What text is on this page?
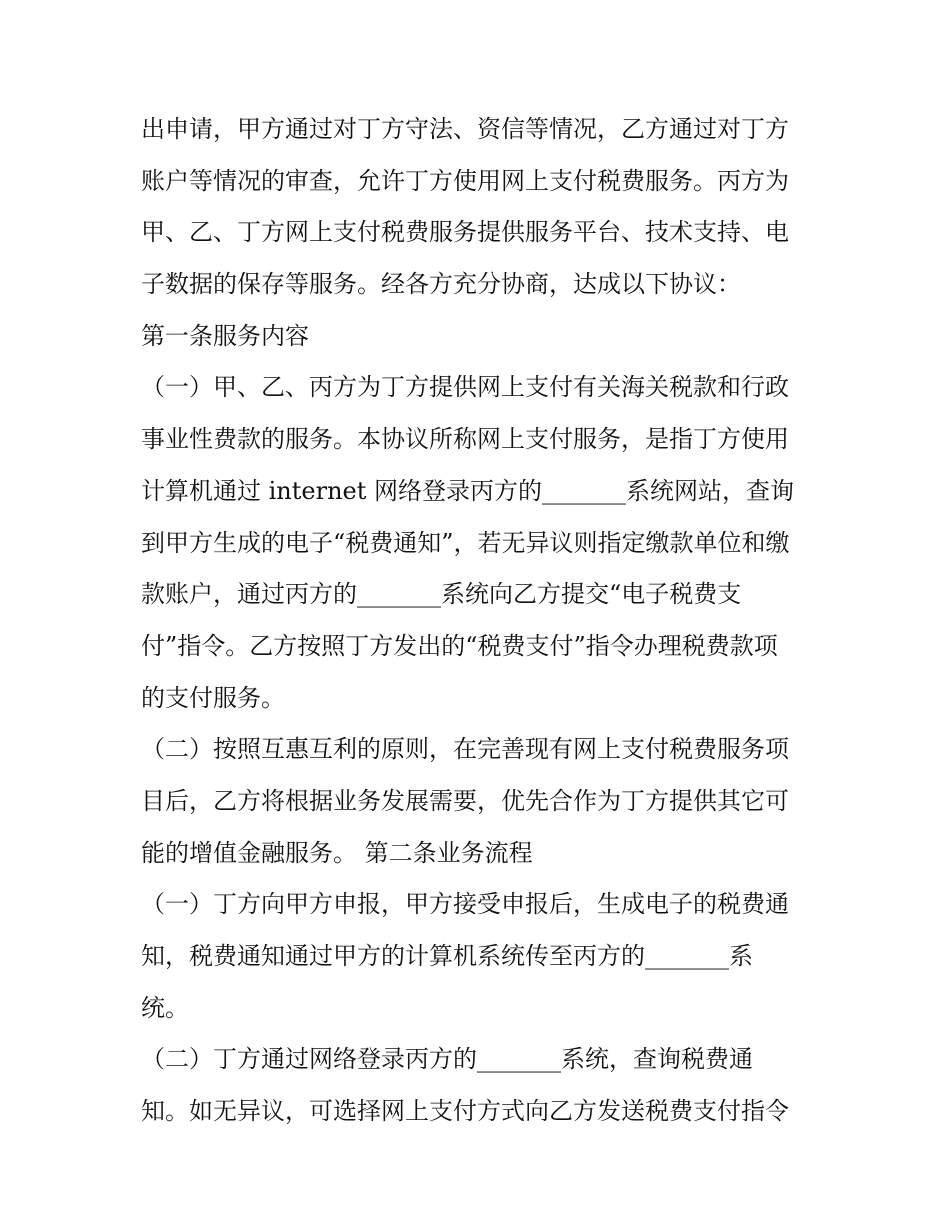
出申请，甲方通过对丁方守法、资信等情况，乙方通过对丁方
账户等情况的审查，允许丁方使用网上支付税费服务。丙方为
甲、乙、丁方网上支付税费服务提供服务平台、技术支持、电
子数据的保存等服务。经各方充分协商，达成以下协议：
第一条服务内容
（一）甲、乙、丙方为丁方提供网上支付有关海关税款和行政
事业性费款的服务。本协议所称网上支付服务，是指丁方使用
计算机通过 internet 网络登录丙方的_______系统网站，查询
到甲方生成的电子“税费通知”，若无异议则指定缴款单位和缴
款账户，通过丙方的_______系统向乙方提交“电子税费支
付”指令。乙方按照丁方发出的“税费支付”指令办理税费款项
的支付服务。
（二）按照互惠互利的原则，在完善现有网上支付税费服务项
目后，乙方将根据业务发展需要，优先合作为丁方提供其它可
能的增值金融服务。 第二条业务流程
（一）丁方向甲方申报，甲方接受申报后，生成电子的税费通
知，税费通知通过甲方的计算机系统传至丙方的_______系
统。
（二）丁方通过网络登录丙方的_______系统，查询税费通
知。如无异议，可选择网上支付方式向乙方发送税费支付指令
